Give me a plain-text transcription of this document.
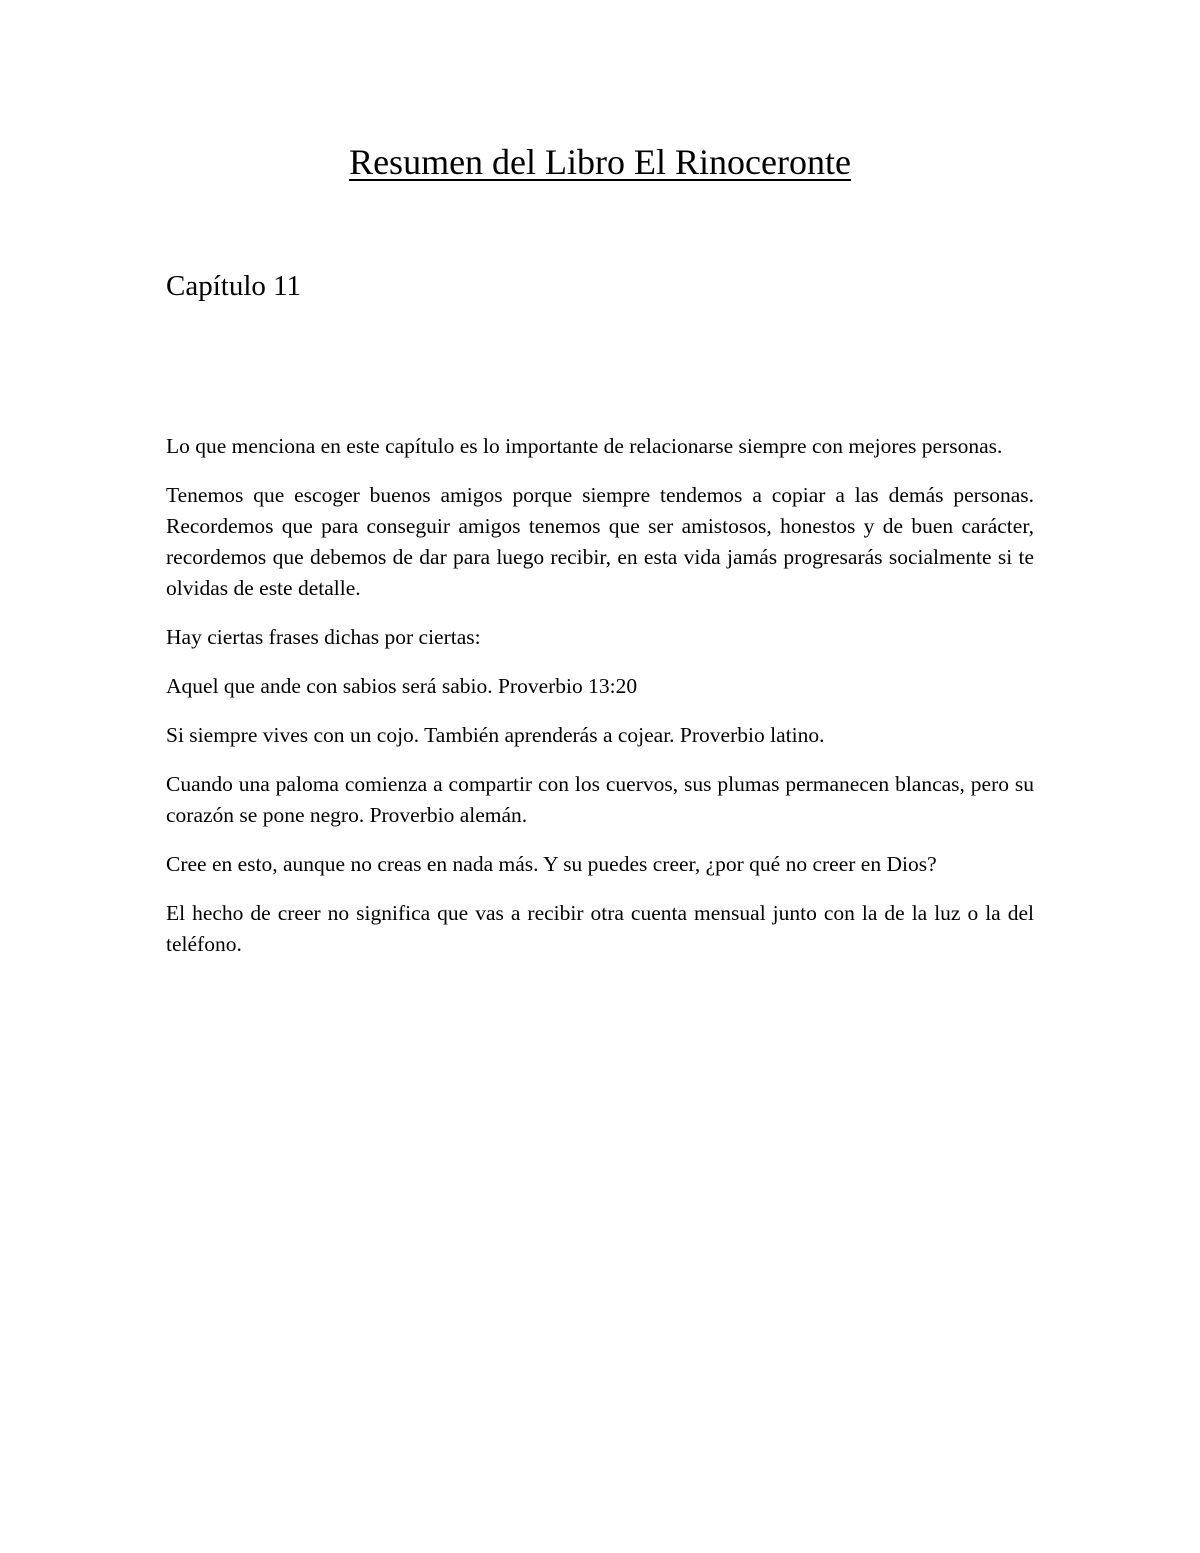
Resumen del Libro El Rinoceronte
Capítulo 11

Lo que menciona en este capítulo es lo importante de relacionarse siempre con mejores personas.

Tenemos que escoger buenos amigos porque siempre tendemos a copiar a las demás personas. Recordemos que para conseguir amigos tenemos que ser amistosos, honestos y de buen carácter, recordemos que debemos de dar para luego recibir, en esta vida jamás progresarás socialmente si te olvidas de este detalle.

Hay ciertas frases dichas por ciertas:

Aquel que ande con sabios será sabio. Proverbio 13:20

Si siempre vives con un cojo. También aprenderás a cojear. Proverbio latino.

Cuando una paloma comienza a compartir con los cuervos, sus plumas permanecen blancas, pero su corazón se pone negro. Proverbio alemán.

Cree en esto, aunque no creas en nada más. Y su puedes creer, ¿por qué no creer en Dios?

El hecho de creer no significa que vas a recibir otra cuenta mensual junto con la de la luz o la del teléfono.
